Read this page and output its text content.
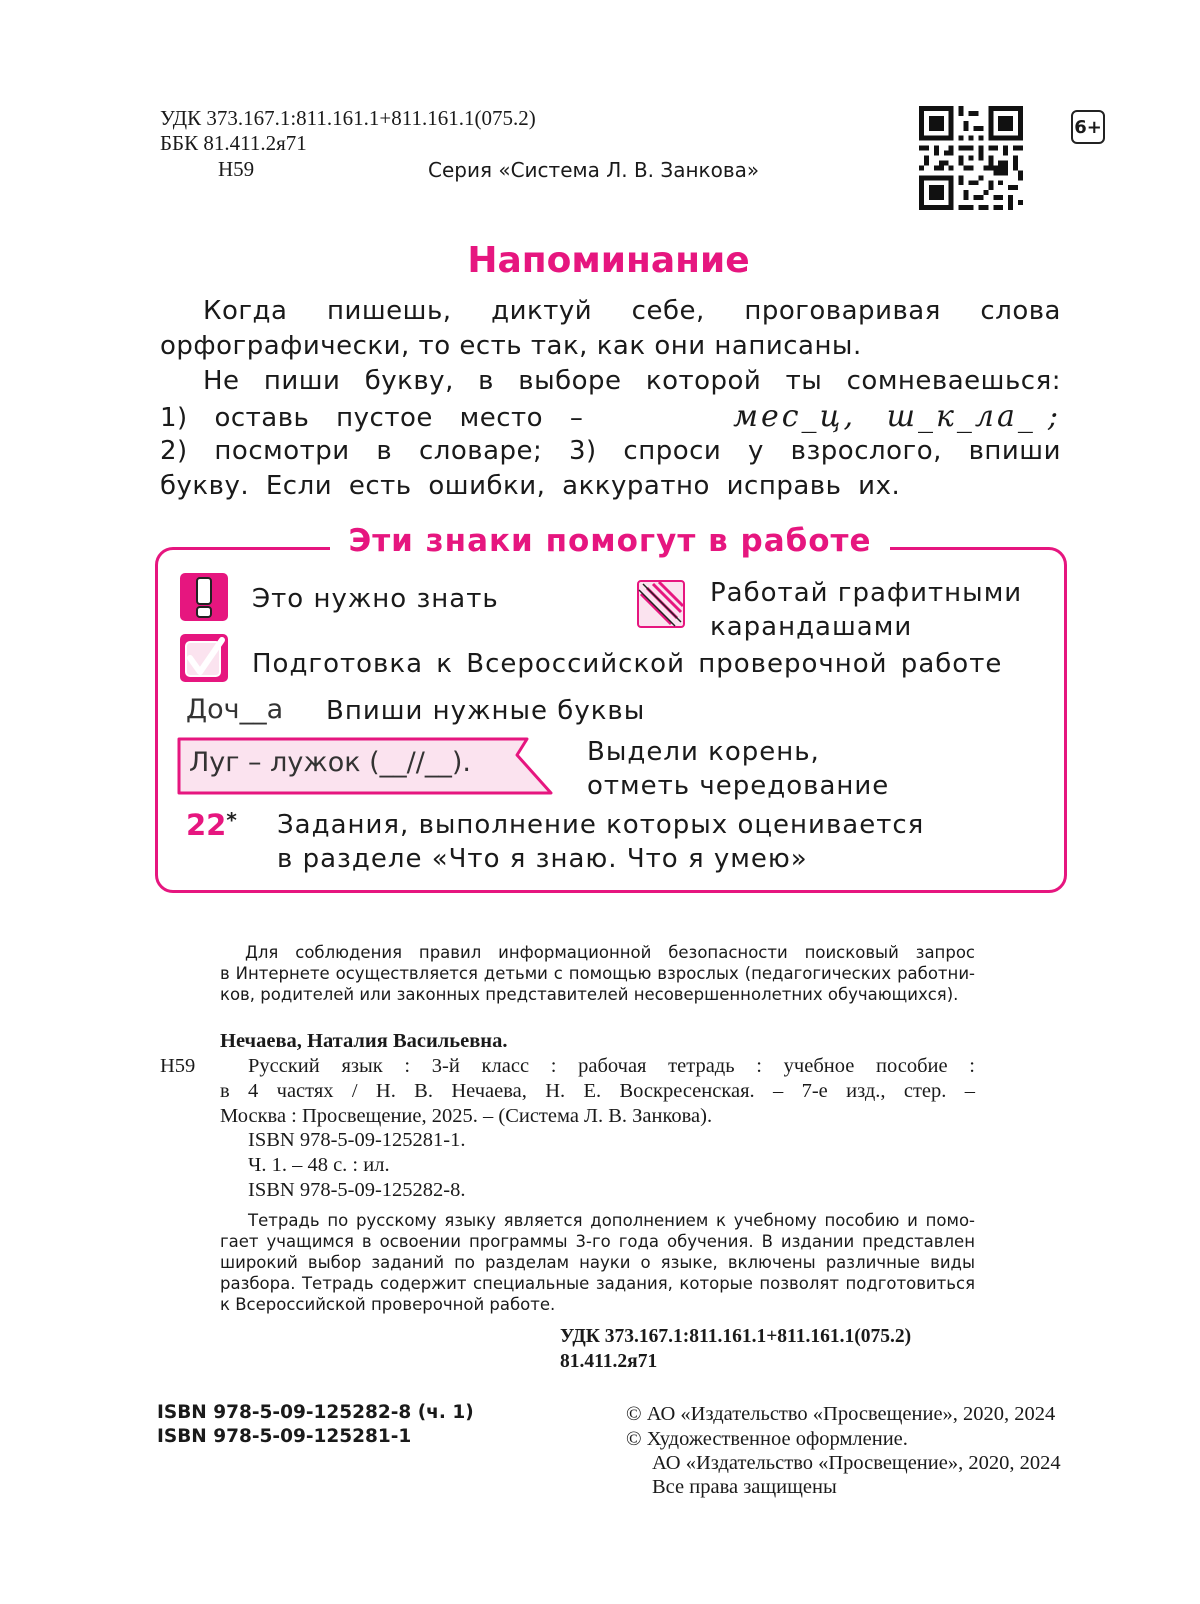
УДК 373.167.1:811.161.1+811.161.1(075.2)
ББК 81.411.2я71
Н59	Серия «Система Л. В. Занкова»
6+
Напоминание
Когда пишешь, диктуй себе, проговаривая слова
орфографически, то есть так, как они написаны.
Не пиши букву, в выборе которой ты сомневаешься:
1) оставь пустое место –	мес_ц, ш_к_ла_ ;
2) посмотри в словаре; 3) спроси у взрослого, впиши
букву. Если есть ошибки, аккуратно исправь их.
Эти знаки помогут в работе
Это нужно знать	Работай графитными
карандашами
Подготовка к Всероссийской проверочной работе
Доч__а Впиши нужные буквы
Луг – лужок (__//__).	Выдели корень,
отметь чередование
22* Задания, выполнение которых оценивается
в разделе «Что я знаю. Что я умею»
Для соблюдения правил информационной безопасности поисковый запрос
в Интернете осуществляется детьми с помощью взрослых (педагогических работни-
ков, родителей или законных представителей несовершеннолетних обучающихся).
Нечаева, Наталия Васильевна.
Н59	Русский язык : 3-й класс : рабочая тетрадь : учебное пособие :
в 4 частях / Н. В. Нечаева, Н. Е. Воскресенская. – 7-е изд., стер. –
Москва : Просвещение, 2025. – (Система Л. В. Занкова).
ISBN 978-5-09-125281-1.
Ч. 1. – 48 с. : ил.
ISBN 978-5-09-125282-8.
Тетрадь по русскому языку является дополнением к учебному пособию и помо-
гает учащимся в освоении программы 3-го года обучения. В издании представлен
широкий выбор заданий по разделам науки о языке, включены различные виды
разбора. Тетрадь содержит специальные задания, которые позволят подготовиться
к Всероссийской проверочной работе.
УДК 373.167.1:811.161.1+811.161.1(075.2)
81.411.2я71
ISBN 978-5-09-125282-8 (ч. 1)
ISBN 978-5-09-125281-1
© АО «Издательство «Просвещение», 2020, 2024
© Художественное оформление.
АО «Издательство «Просвещение», 2020, 2024
Все права защищены
